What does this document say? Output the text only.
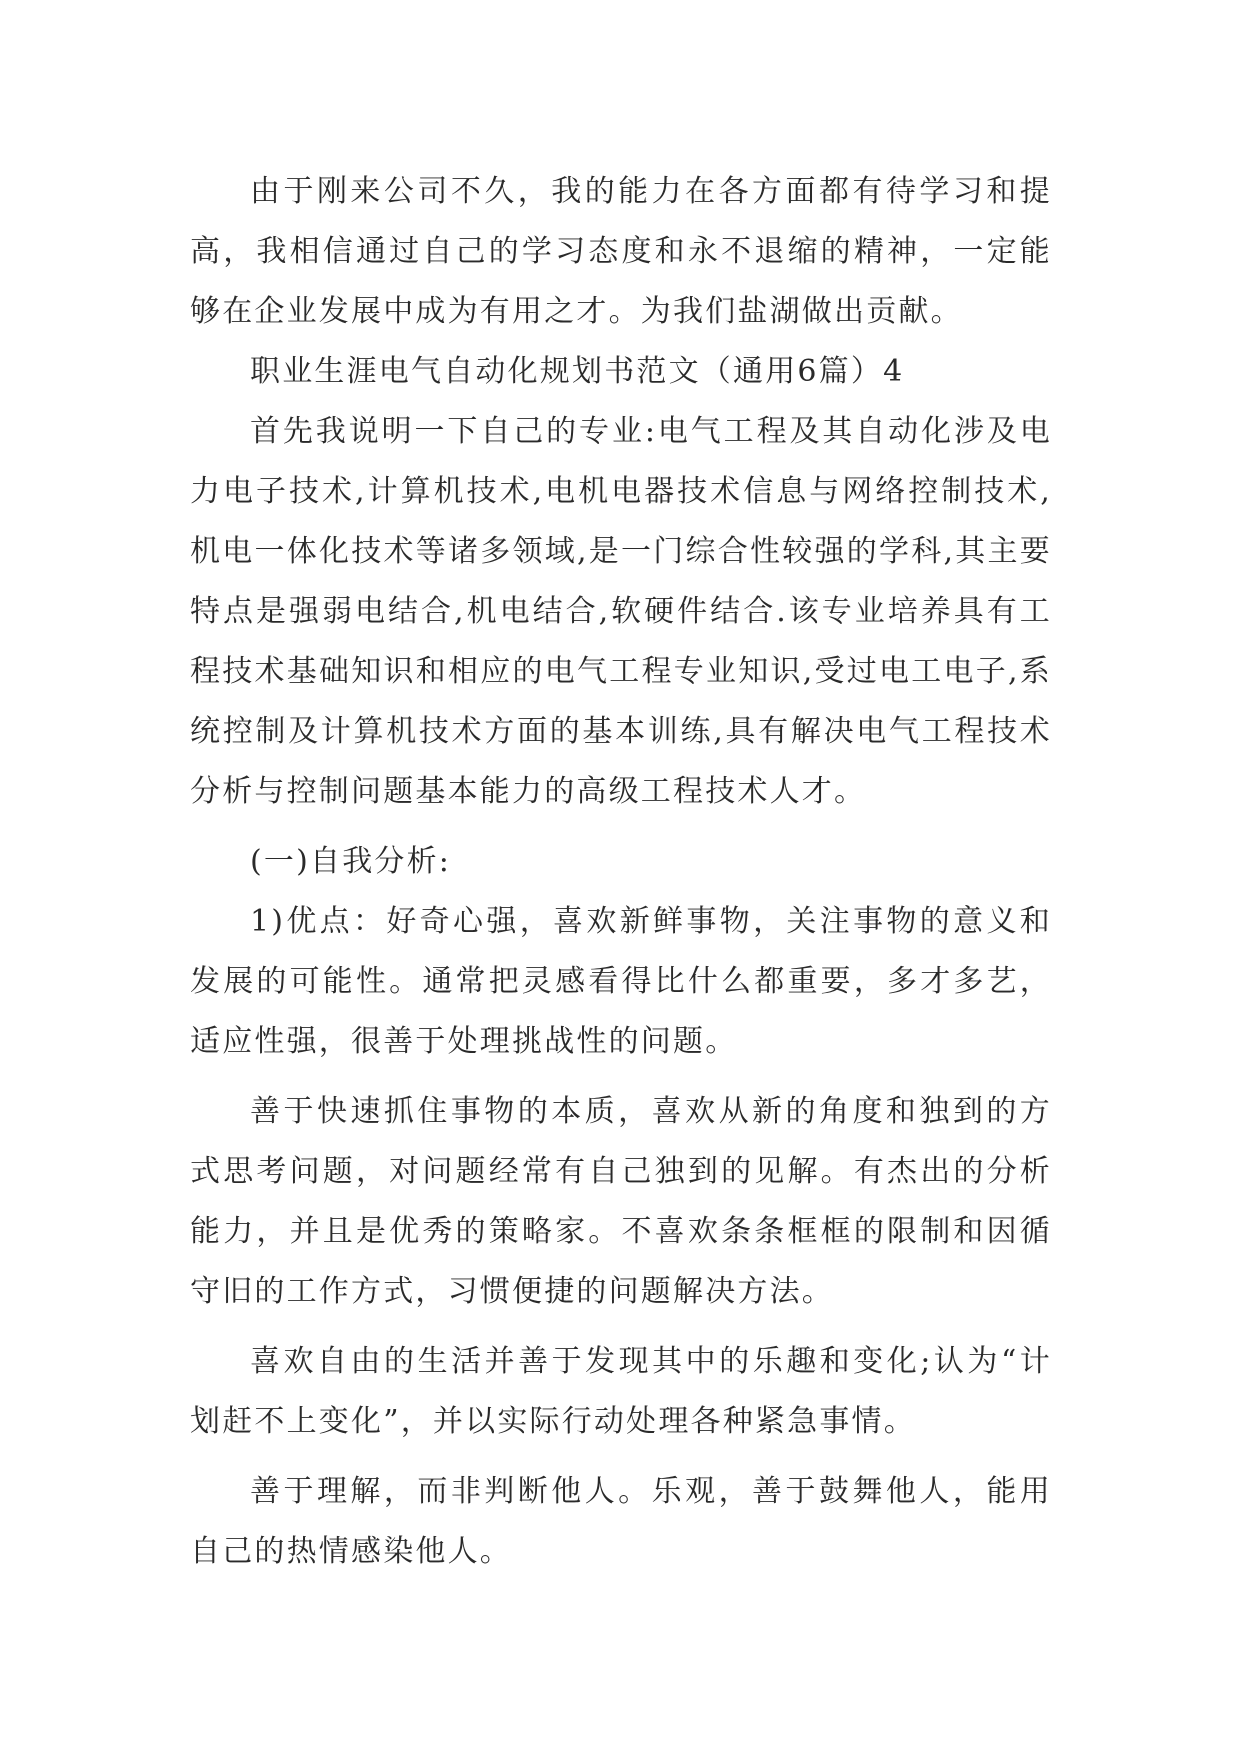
由于刚来公司不久，我的能力在各方面都有待学习和提高，我相信通过自己的学习态度和永不退缩的精神，一定能够在企业发展中成为有用之才。为我们盐湖做出贡献。

职业生涯电气自动化规划书范文（通用6篇）4

首先我说明一下自己的专业:电气工程及其自动化涉及电力电子技术,计算机技术,电机电器技术信息与网络控制技术,机电一体化技术等诸多领域,是一门综合性较强的学科,其主要特点是强弱电结合,机电结合,软硬件结合.该专业培养具有工程技术基础知识和相应的电气工程专业知识,受过电工电子,系统控制及计算机技术方面的基本训练,具有解决电气工程技术分析与控制问题基本能力的高级工程技术人才。

(一)自我分析:

1)优点：好奇心强，喜欢新鲜事物，关注事物的意义和发展的可能性。通常把灵感看得比什么都重要，多才多艺，适应性强，很善于处理挑战性的问题。

善于快速抓住事物的本质，喜欢从新的角度和独到的方式思考问题，对问题经常有自己独到的见解。有杰出的分析能力，并且是优秀的策略家。不喜欢条条框框的限制和因循守旧的工作方式，习惯便捷的问题解决方法。

喜欢自由的生活并善于发现其中的乐趣和变化;认为“计划赶不上变化”，并以实际行动处理各种紧急事情。

善于理解，而非判断他人。乐观，善于鼓舞他人，能用自己的热情感染他人。
